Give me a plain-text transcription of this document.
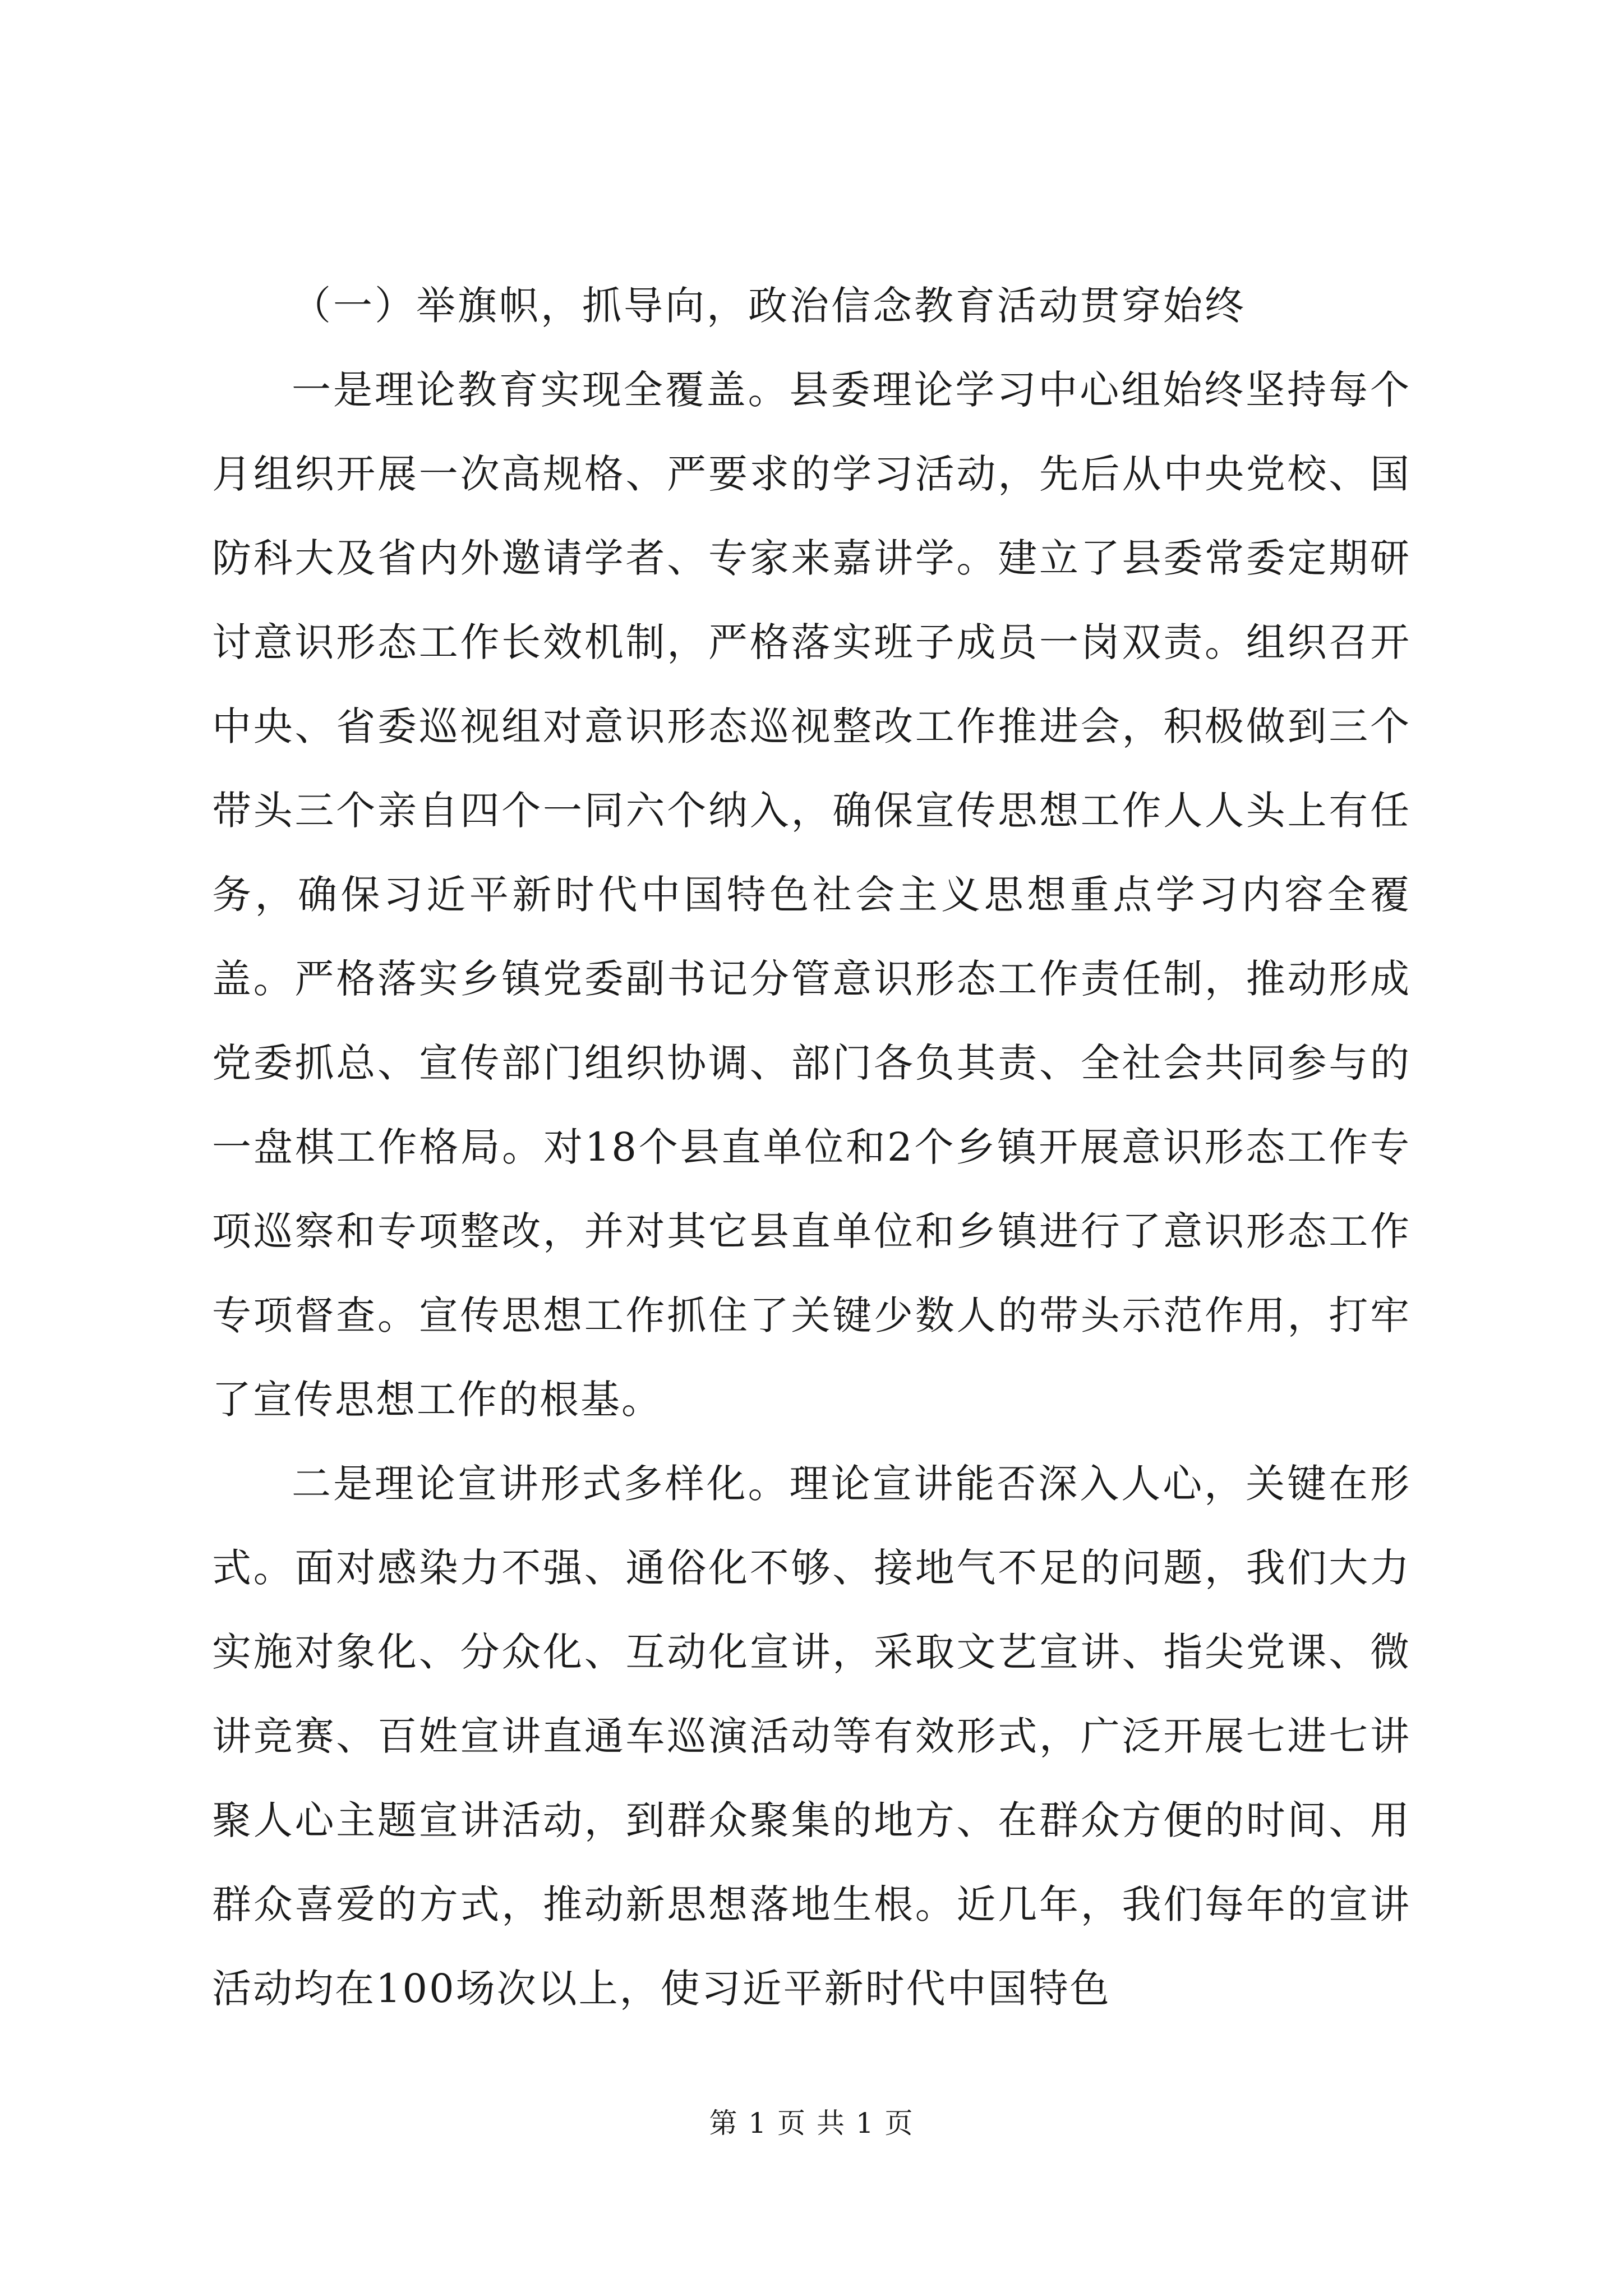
（一）举旗帜，抓导向，政治信念教育活动贯穿始终

一是理论教育实现全覆盖。县委理论学习中心组始终坚持每个月组织开展一次高规格、严要求的学习活动，先后从中央党校、国防科大及省内外邀请学者、专家来嘉讲学。建立了县委常委定期研讨意识形态工作长效机制，严格落实班子成员一岗双责。组织召开中央、省委巡视组对意识形态巡视整改工作推进会，积极做到三个带头三个亲自四个一同六个纳入，确保宣传思想工作人人头上有任务，确保习近平新时代中国特色社会主义思想重点学习内容全覆盖。严格落实乡镇党委副书记分管意识形态工作责任制，推动形成党委抓总、宣传部门组织协调、部门各负其责、全社会共同参与的一盘棋工作格局。对18个县直单位和2个乡镇开展意识形态工作专项巡察和专项整改，并对其它县直单位和乡镇进行了意识形态工作专项督查。宣传思想工作抓住了关键少数人的带头示范作用，打牢了宣传思想工作的根基。

二是理论宣讲形式多样化。理论宣讲能否深入人心，关键在形式。面对感染力不强、通俗化不够、接地气不足的问题，我们大力实施对象化、分众化、互动化宣讲，采取文艺宣讲、指尖党课、微讲竞赛、百姓宣讲直通车巡演活动等有效形式，广泛开展七进七讲聚人心主题宣讲活动，到群众聚集的地方、在群众方便的时间、用群众喜爱的方式，推动新思想落地生根。近几年，我们每年的宣讲活动均在100场次以上，使习近平新时代中国特色

第 1 页 共 1 页
